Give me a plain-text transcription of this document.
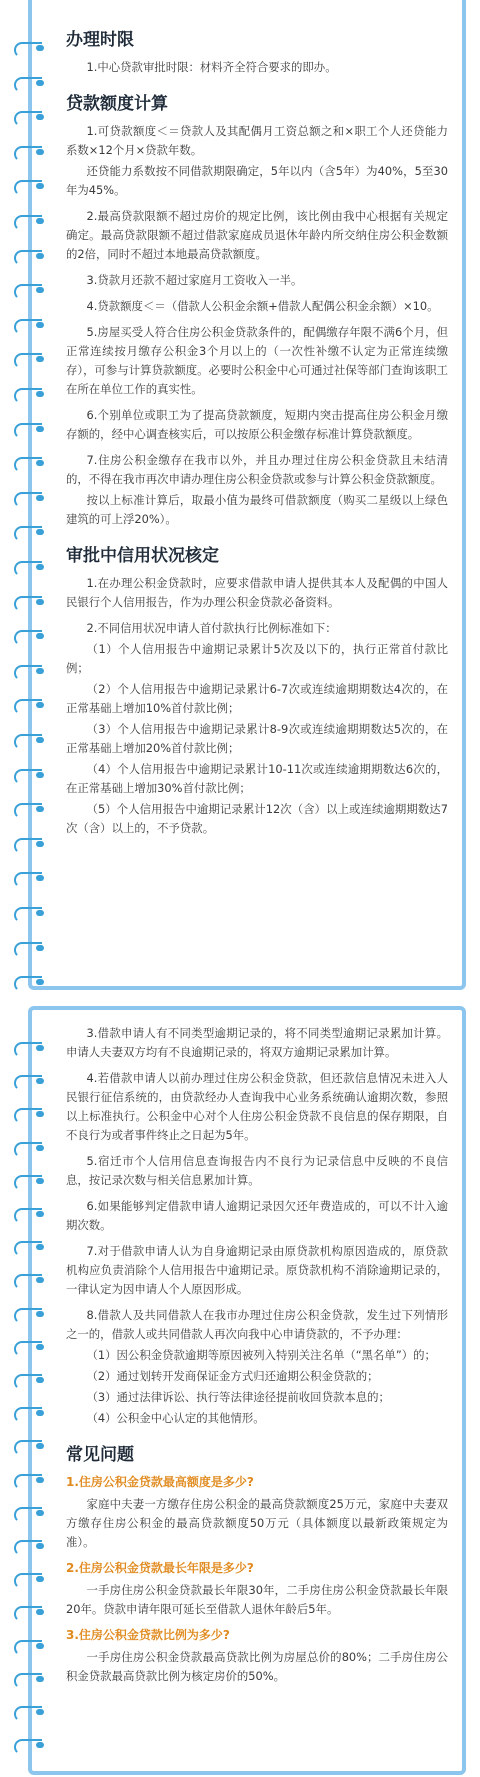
办理时限

1.中心贷款审批时限：材料齐全符合要求的即办。

贷款额度计算

1.可贷款额度＜＝贷款人及其配偶月工资总额之和×职工个人还贷能力系数×12个月×贷款年数。

还贷能力系数按不同借款期限确定，5年以内（含5年）为40%，5至30年为45%。

2.最高贷款限额不超过房价的规定比例，该比例由我中心根据有关规定确定。最高贷款限额不超过借款家庭成员退休年龄内所交纳住房公积金数额的2倍，同时不超过本地最高贷款额度。

3.贷款月还款不超过家庭月工资收入一半。

4.贷款额度＜＝（借款人公积金余额+借款人配偶公积金余额）×10。

5.房屋买受人符合住房公积金贷款条件的，配偶缴存年限不满6个月，但正常连续按月缴存公积金3个月以上的（一次性补缴不认定为正常连续缴存），可参与计算贷款额度。必要时公积金中心可通过社保等部门查询该职工在所在单位工作的真实性。

6.个别单位或职工为了提高贷款额度，短期内突击提高住房公积金月缴存额的，经中心调查核实后，可以按原公积金缴存标准计算贷款额度。

7.住房公积金缴存在我市以外，并且办理过住房公积金贷款且未结清的，不得在我市再次申请办理住房公积金贷款或参与计算公积金贷款额度。

按以上标准计算后，取最小值为最终可借款额度（购买二星级以上绿色建筑的可上浮20%）。

审批中信用状况核定

1.在办理公积金贷款时，应要求借款申请人提供其本人及配偶的中国人民银行个人信用报告，作为办理公积金贷款必备资料。

2.不同信用状况申请人首付款执行比例标准如下：

（1）个人信用报告中逾期记录累计5次及以下的，执行正常首付款比例；

（2）个人信用报告中逾期记录累计6-7次或连续逾期期数达4次的，在正常基础上增加10%首付款比例；

（3）个人信用报告中逾期记录累计8-9次或连续逾期期数达5次的，在正常基础上增加20%首付款比例；

（4）个人信用报告中逾期记录累计10-11次或连续逾期期数达6次的，在正常基础上增加30%首付款比例；

（5）个人信用报告中逾期记录累计12次（含）以上或连续逾期期数达7次（含）以上的，不予贷款。

3.借款申请人有不同类型逾期记录的，将不同类型逾期记录累加计算。申请人夫妻双方均有不良逾期记录的，将双方逾期记录累加计算。

4.若借款申请人以前办理过住房公积金贷款，但还款信息情况未进入人民银行征信系统的，由贷款经办人查询我中心业务系统确认逾期次数，参照以上标准执行。公积金中心对个人住房公积金贷款不良信息的保存期限，自不良行为或者事件终止之日起为5年。

5.宿迁市个人信用信息查询报告内不良行为记录信息中反映的不良信息，按记录次数与相关信息累加计算。

6.如果能够判定借款申请人逾期记录因欠还年费造成的，可以不计入逾期次数。

7.对于借款申请人认为自身逾期记录由原贷款机构原因造成的，原贷款机构应负责消除个人信用报告中逾期记录。原贷款机构不消除逾期记录的，一律认定为因申请人个人原因形成。

8.借款人及共同借款人在我市办理过住房公积金贷款，发生过下列情形之一的，借款人或共同借款人再次向我中心申请贷款的，不予办理：

（1）因公积金贷款逾期等原因被列入特别关注名单（“黑名单”）的；

（2）通过划转开发商保证金方式归还逾期公积金贷款的；

（3）通过法律诉讼、执行等法律途径提前收回贷款本息的；

（4）公积金中心认定的其他情形。

常见问题
1.住房公积金贷款最高额度是多少?

家庭中夫妻一方缴存住房公积金的最高贷款额度25万元，家庭中夫妻双方缴存住房公积金的最高贷款额度50万元（具体额度以最新政策规定为准）。

2.住房公积金贷款最长年限是多少?

一手房住房公积金贷款最长年限30年，二手房住房公积金贷款最长年限20年。贷款申请年限可延长至借款人退休年龄后5年。

3.住房公积金贷款比例为多少?

一手房住房公积金贷款最高贷款比例为房屋总价的80%；二手房住房公积金贷款最高贷款比例为核定房价的50%。
